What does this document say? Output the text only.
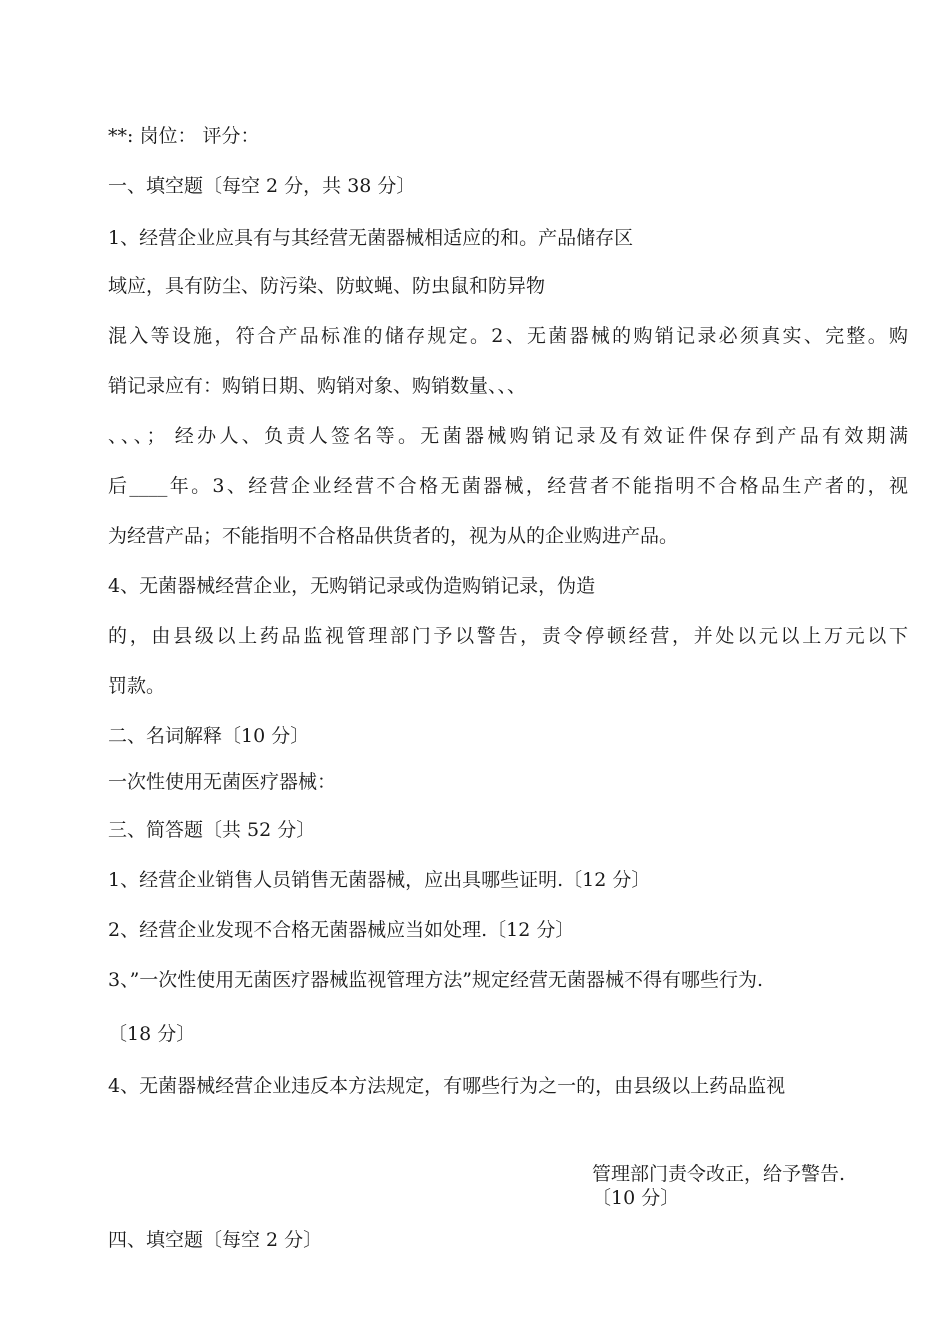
**: 岗位： 评分：
一、填空题〔每空 2 分，共 38 分〕
1、经营企业应具有与其经营无菌器械相适应的和。产品储存区
域应，具有防尘、防污染、防蚊蝇、防虫鼠和防异物
混入等设施，符合产品标准的储存规定。2、无菌器械的购销记录必须真实、完整。购
销记录应有：购销日期、购销对象、购销数量、、、
、、、； 经办人、负责人签名等。无菌器械购销记录及有效证件保存到产品有效期满
后____年。3、经营企业经营不合格无菌器械，经营者不能指明不合格品生产者的，视
为经营产品；不能指明不合格品供货者的，视为从的企业购进产品。
4、无菌器械经营企业，无购销记录或伪造购销记录，伪造
的，由县级以上药品监视管理部门予以警告，责令停顿经营，并处以元以上万元以下
罚款。
二、名词解释〔10 分〕
一次性使用无菌医疗器械：
三、简答题〔共 52 分〕
1、经营企业销售人员销售无菌器械，应出具哪些证明.〔12 分〕
2、经营企业发现不合格无菌器械应当如处理.〔12 分〕
3、”一次性使用无菌医疗器械监视管理方法”规定经营无菌器械不得有哪些行为.
〔18 分〕
4、无菌器械经营企业违反本方法规定，有哪些行为之一的，由县级以上药品监视
管理部门责令改正，给予警告.
〔10 分〕
四、填空题〔每空 2 分〕
